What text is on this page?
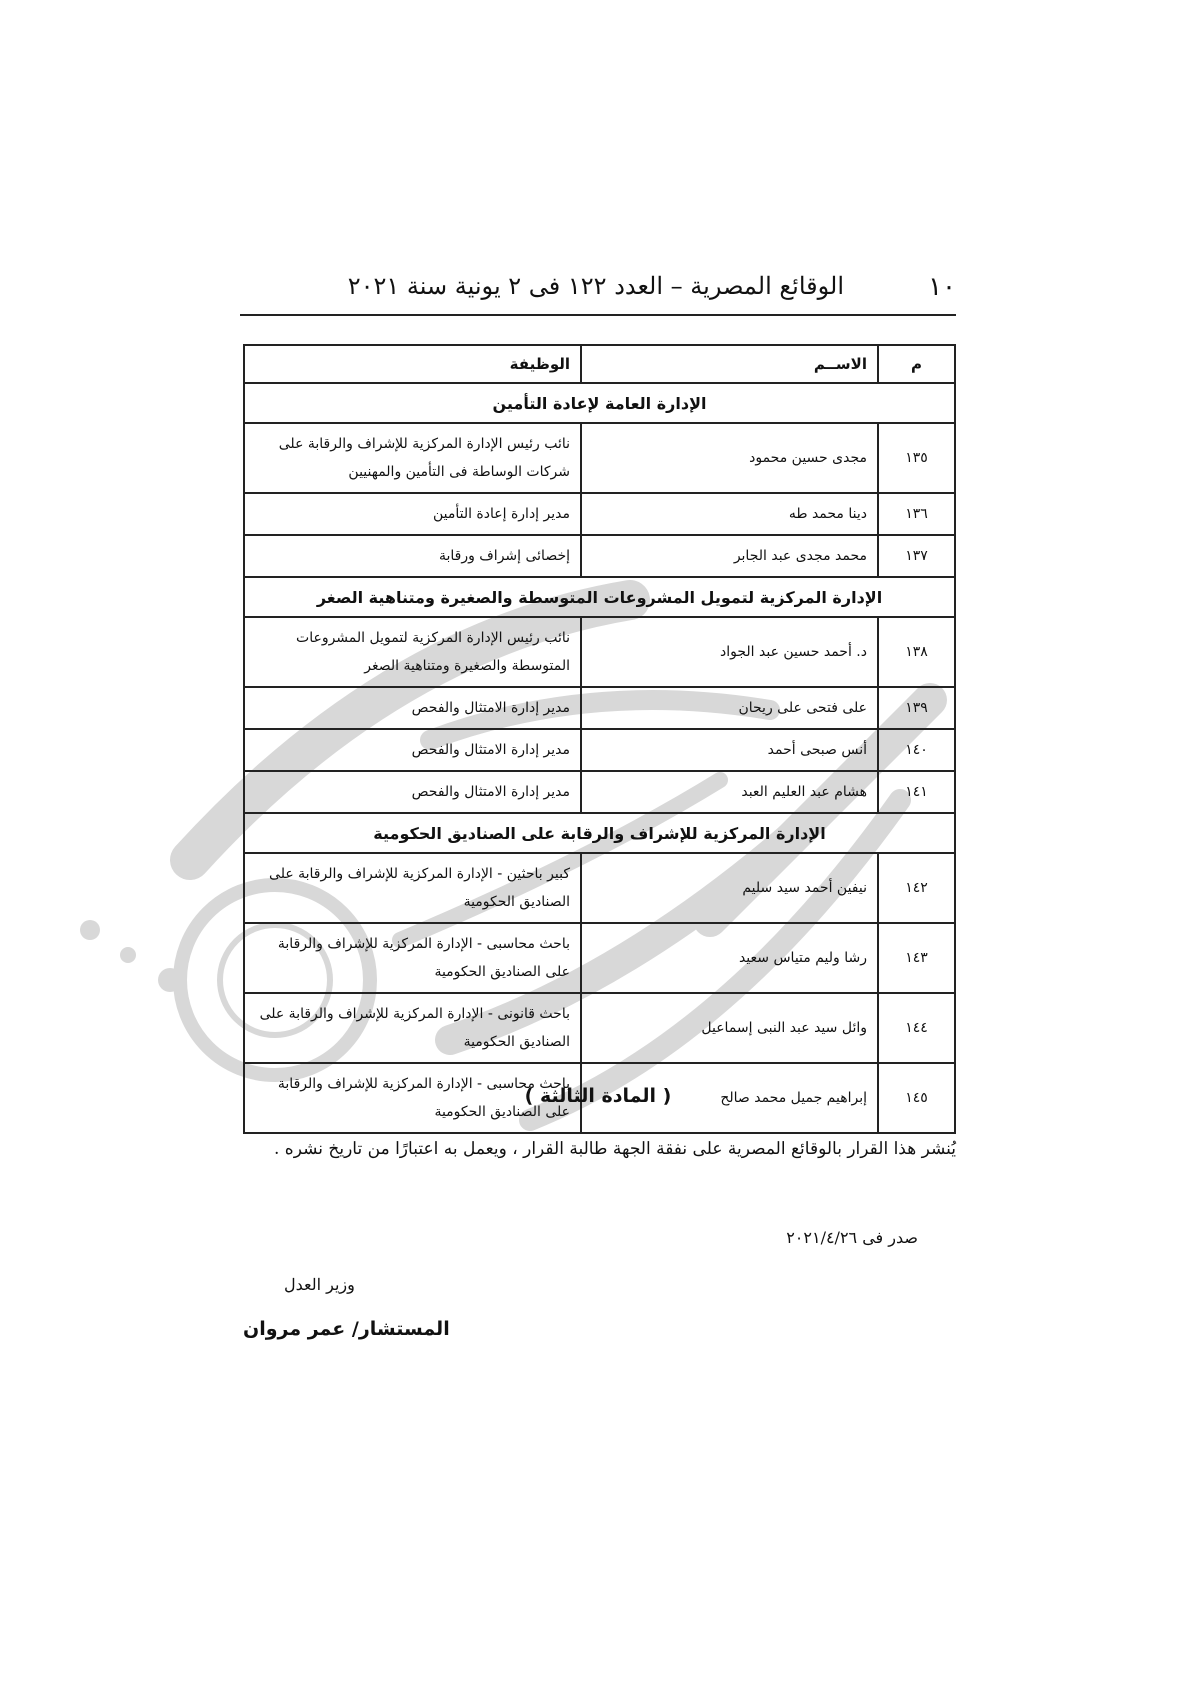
١٠
الوقائع المصرية – العدد ١٢٢ فى ٢ يونية سنة ٢٠٢١
م	الاســم	الوظيفة
الإدارة العامة لإعادة التأمين		
١٣٥	مجدى حسين محمود	نائب رئيس الإدارة المركزية للإشراف والرقابة على شركات الوساطة فى التأمين والمهنيين
١٣٦	دينا محمد طه	مدير إدارة إعادة التأمين
١٣٧	محمد مجدى عبد الجابر	إخصائى إشراف ورقابة
الإدارة المركزية لتمويل المشروعات المتوسطة والصغيرة ومتناهية الصغر		
١٣٨	د. أحمد حسين عبد الجواد	نائب رئيس الإدارة المركزية لتمويل المشروعات المتوسطة والصغيرة ومتناهية الصغر
١٣٩	على فتحى على ريحان	مدير إدارة الامتثال والفحص
١٤٠	أنس صبحى أحمد	مدير إدارة الامتثال والفحص
١٤١	هشام عبد العليم العبد	مدير إدارة الامتثال والفحص
الإدارة المركزية للإشراف والرقابة على الصناديق الحكومية		
١٤٢	نيفين أحمد سيد سليم	كبير باحثين - الإدارة المركزية للإشراف والرقابة على الصناديق الحكومية
١٤٣	رشا وليم متياس سعيد	باحث محاسبى - الإدارة المركزية للإشراف والرقابة على الصناديق الحكومية
١٤٤	وائل سيد عبد النبى إسماعيل	باحث قانونى - الإدارة المركزية للإشراف والرقابة على الصناديق الحكومية
١٤٥	إبراهيم جميل محمد صالح	باحث محاسبى - الإدارة المركزية للإشراف والرقابة على الصناديق الحكومية
( المادة الثالثة )
يُنشر هذا القرار بالوقائع المصرية على نفقة الجهة طالبة القرار ، ويعمل به اعتبارًا من تاريخ نشره .
صدر فى ٢٠٢١/٤/٢٦
وزير العدل
المستشار/ عمر مروان
